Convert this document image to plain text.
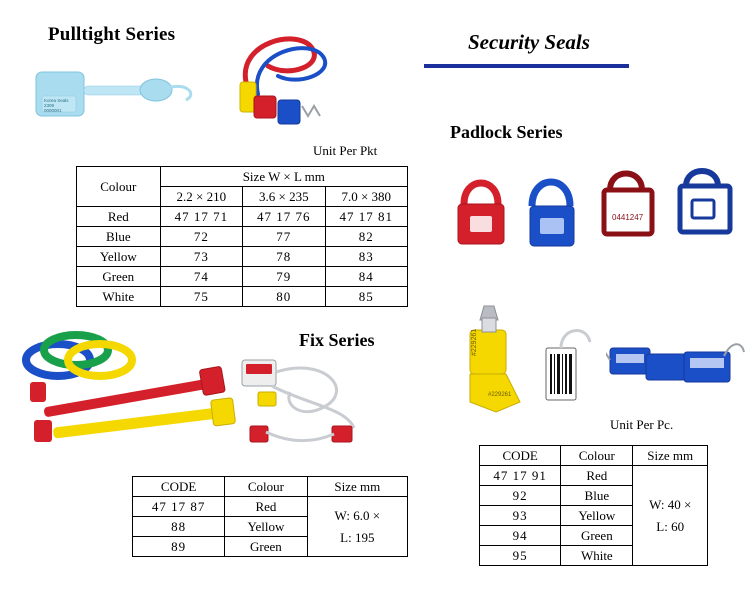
Pulltight Series	Security Seals
Padlock Series
Fix Series
Unit Per Pkt
Unit Per Pc.
Korea Seals
2309
0000001
0441247
#229261
#229261
Colour	Size W × L mm		
	2.2 × 210	3.6 × 235	7.0 × 380
Red	47 17 71	47 17 76	47 17 81
Blue	72	77	82
Yellow	73	78	83
Green	74	79	84
White	75	80	85
CODE	Colour	Size mm
47 17 87	Red	W: 6.0 ×
L: 195

88	Yellow	
89	Green	
CODE	Colour	Size mm
47 17 91	Red	W: 40 ×
L: 60

92	Blue	
93	Yellow	
94	Green	
95	White	
